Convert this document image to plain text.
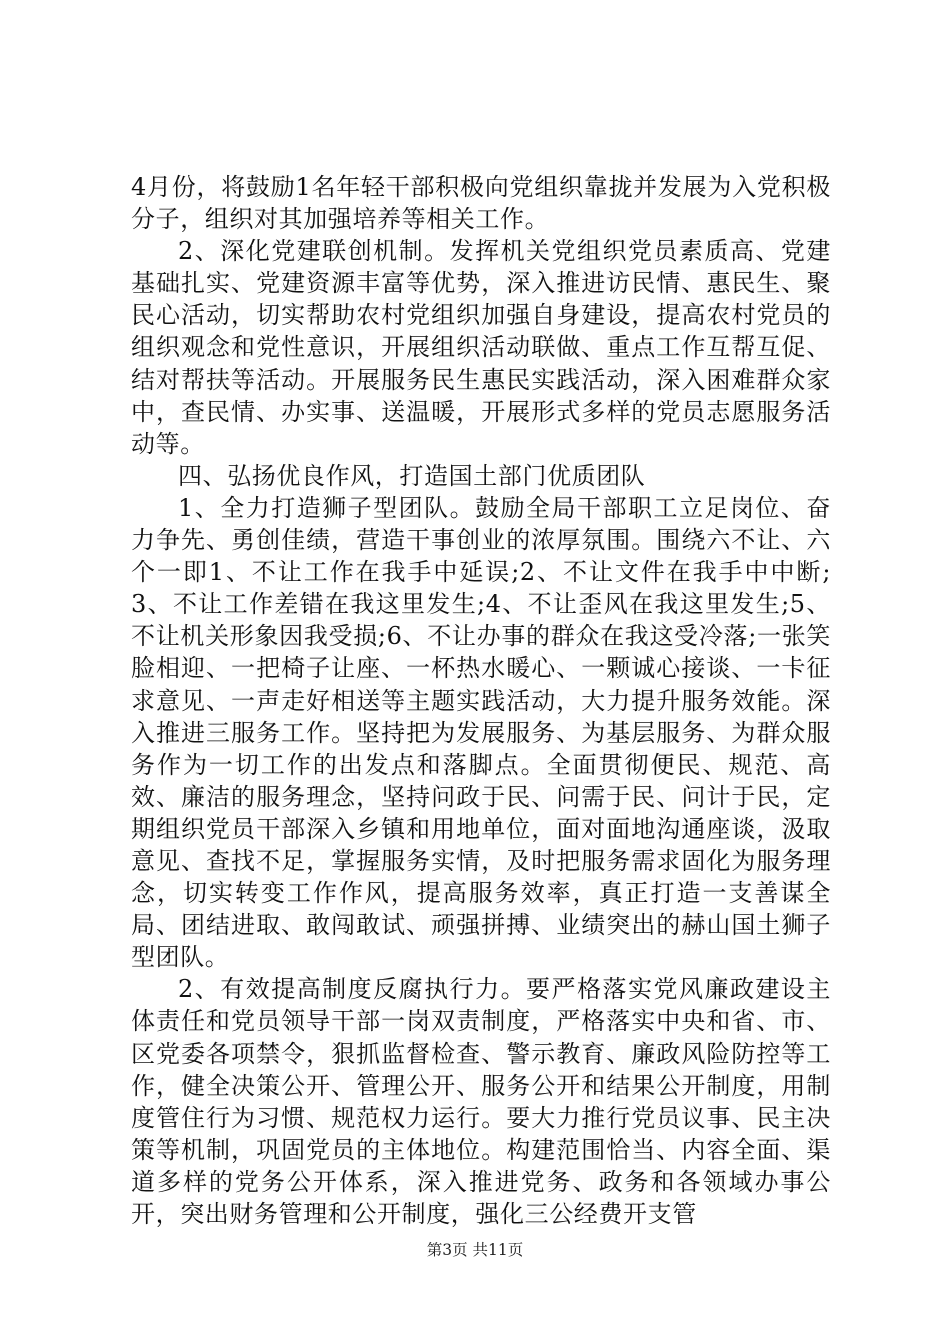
4月份，将鼓励1名年轻干部积极向党组织靠拢并发展为入党积极分子，组织对其加强培养等相关工作。

2、深化党建联创机制。发挥机关党组织党员素质高、党建基础扎实、党建资源丰富等优势，深入推进访民情、惠民生、聚民心活动，切实帮助农村党组织加强自身建设，提高农村党员的组织观念和党性意识，开展组织活动联做、重点工作互帮互促、结对帮扶等活动。开展服务民生惠民实践活动，深入困难群众家中，查民情、办实事、送温暖，开展形式多样的党员志愿服务活动等。

四、弘扬优良作风，打造国土部门优质团队

1、全力打造狮子型团队。鼓励全局干部职工立足岗位、奋力争先、勇创佳绩，营造干事创业的浓厚氛围。围绕六不让、六个一即1、不让工作在我手中延误;2、不让文件在我手中中断;3、不让工作差错在我这里发生;4、不让歪风在我这里发生;5、不让机关形象因我受损;6、不让办事的群众在我这受冷落;一张笑脸相迎、一把椅子让座、一杯热水暖心、一颗诚心接谈、一卡征求意见、一声走好相送等主题实践活动，大力提升服务效能。深入推进三服务工作。坚持把为发展服务、为基层服务、为群众服务作为一切工作的出发点和落脚点。全面贯彻便民、规范、高效、廉洁的服务理念，坚持问政于民、问需于民、问计于民，定期组织党员干部深入乡镇和用地单位，面对面地沟通座谈，汲取意见、查找不足，掌握服务实情，及时把服务需求固化为服务理念，切实转变工作作风，提高服务效率，真正打造一支善谋全局、团结进取、敢闯敢试、顽强拼搏、业绩突出的赫山国土狮子型团队。

2、有效提高制度反腐执行力。要严格落实党风廉政建设主体责任和党员领导干部一岗双责制度，严格落实中央和省、市、区党委各项禁令，狠抓监督检查、警示教育、廉政风险防控等工作，健全决策公开、管理公开、服务公开和结果公开制度，用制度管住行为习惯、规范权力运行。要大力推行党员议事、民主决策等机制，巩固党员的主体地位。构建范围恰当、内容全面、渠道多样的党务公开体系，深入推进党务、政务和各领域办事公开，突出财务管理和公开制度，强化三公经费开支管

第3页 共11页
